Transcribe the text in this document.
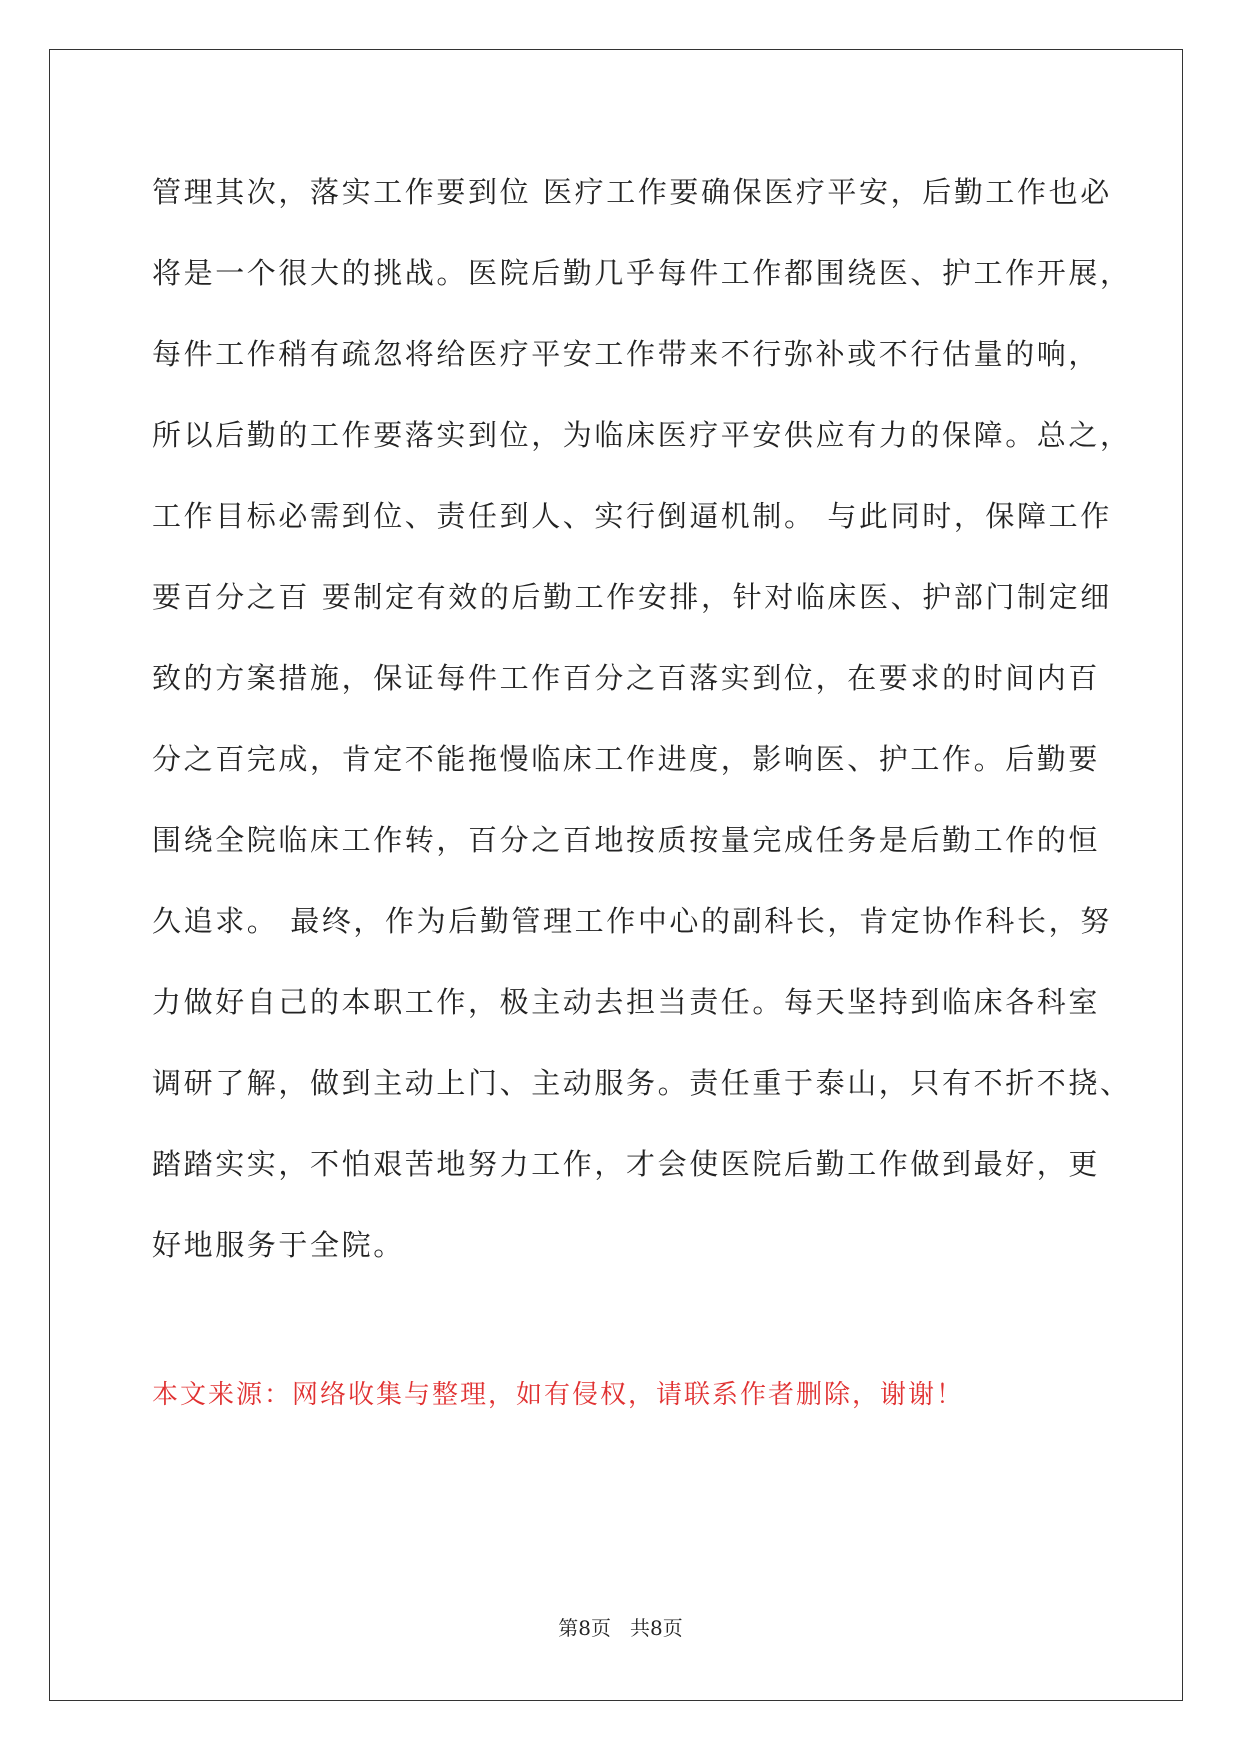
管理其次，落实工作要到位 医疗工作要确保医疗平安，后勤工作也必
将是一个很大的挑战。医院后勤几乎每件工作都围绕医、护工作开展，
每件工作稍有疏忽将给医疗平安工作带来不行弥补或不行估量的响，
所以后勤的工作要落实到位，为临床医疗平安供应有力的保障。总之，
工作目标必需到位、责任到人、实行倒逼机制。 与此同时，保障工作
要百分之百 要制定有效的后勤工作安排，针对临床医、护部门制定细
致的方案措施，保证每件工作百分之百落实到位，在要求的时间内百
分之百完成，肯定不能拖慢临床工作进度，影响医、护工作。后勤要
围绕全院临床工作转，百分之百地按质按量完成任务是后勤工作的恒
久追求。 最终，作为后勤管理工作中心的副科长，肯定协作科长，努
力做好自己的本职工作，极主动去担当责任。每天坚持到临床各科室
调研了解，做到主动上门、主动服务。责任重于泰山，只有不折不挠、
踏踏实实，不怕艰苦地努力工作，才会使医院后勤工作做到最好，更
好地服务于全院。
本文来源：网络收集与整理，如有侵权，请联系作者删除，谢谢！
第8页   共8页
